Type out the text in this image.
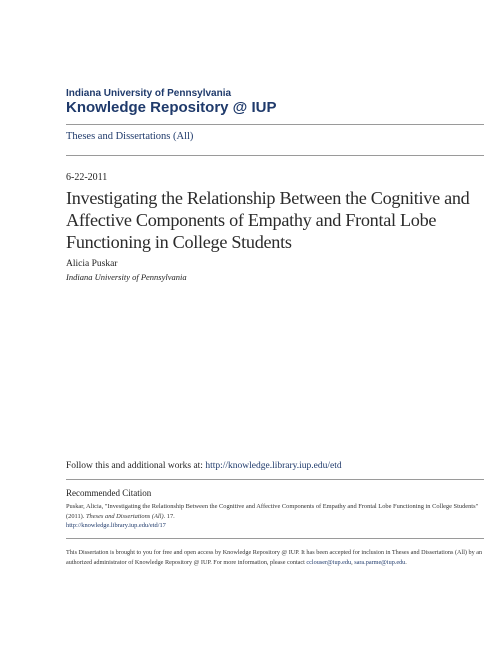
Indiana University of Pennsylvania
Knowledge Repository @ IUP
Theses and Dissertations (All)
6-22-2011
Investigating the Relationship Between the Cognitive and Affective Components of Empathy and Frontal Lobe Functioning in College Students
Alicia Puskar
Indiana University of Pennsylvania
Follow this and additional works at: http://knowledge.library.iup.edu/etd
Recommended Citation
Puskar, Alicia, "Investigating the Relationship Between the Cognitive and Affective Components of Empathy and Frontal Lobe Functioning in College Students" (2011). Theses and Dissertations (All). 17.
http://knowledge.library.iup.edu/etd/17
This Dissertation is brought to you for free and open access by Knowledge Repository @ IUP. It has been accepted for inclusion in Theses and Dissertations (All) by an authorized administrator of Knowledge Repository @ IUP. For more information, please contact cclouser@iup.edu, sara.parme@iup.edu.
